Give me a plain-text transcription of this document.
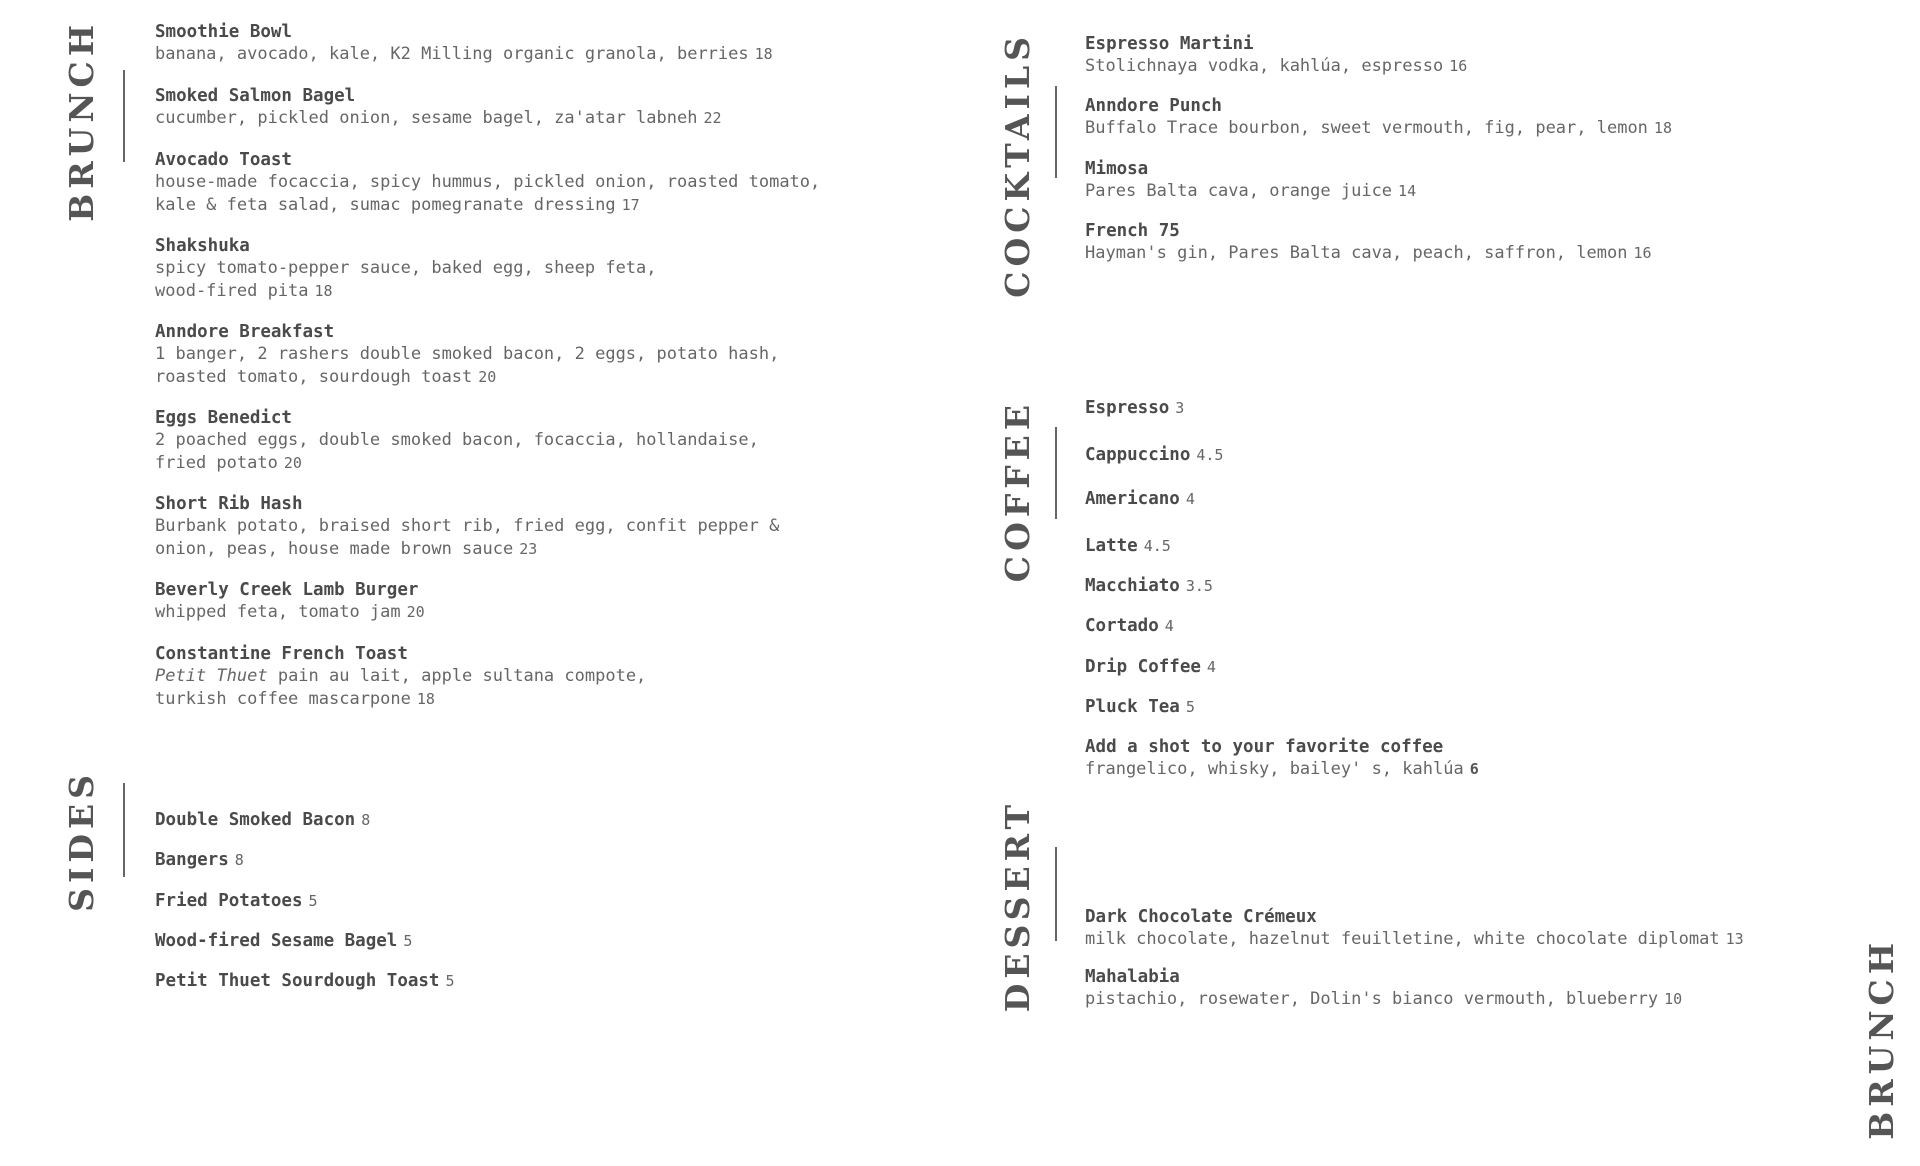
BRUNCH
SIDES
COCKTAILS
COFFEE
DESSERT
BRUNCH
Smoothie Bowl
banana, avocado, kale, K2 Milling organic granola, berries 18
Smoked Salmon Bagel
cucumber, pickled onion, sesame bagel, za'atar labneh 22
Avocado Toast
house-made focaccia, spicy hummus, pickled onion, roasted tomato,
kale & feta salad, sumac pomegranate dressing 17
Shakshuka
spicy tomato-pepper sauce, baked egg, sheep feta,
wood-fired pita 18
Anndore Breakfast
1 banger, 2 rashers double smoked bacon, 2 eggs, potato hash,
roasted tomato, sourdough toast 20
Eggs Benedict
2 poached eggs, double smoked bacon, focaccia, hollandaise,
fried potato 20
Short Rib Hash
Burbank potato, braised short rib, fried egg, confit pepper &
onion, peas, house made brown sauce 23
Beverly Creek Lamb Burger
whipped feta, tomato jam 20
Constantine French Toast
Petit Thuet pain au lait, apple sultana compote,
turkish coffee mascarpone 18
Double Smoked Bacon 8
Bangers 8
Fried Potatoes 5
Wood-fired Sesame Bagel 5
Petit Thuet Sourdough Toast 5
Espresso Martini
Stolichnaya vodka, kahlúa, espresso 16
Anndore Punch
Buffalo Trace bourbon, sweet vermouth, fig, pear, lemon 18
Mimosa
Pares Balta cava, orange juice 14
French 75
Hayman's gin, Pares Balta cava, peach, saffron, lemon 16
Espresso 3
Cappuccino 4.5
Americano 4
Latte 4.5
Macchiato 3.5
Cortado 4
Drip Coffee 4
Pluck Tea 5
Add a shot to your favorite coffee
frangelico, whisky, bailey' s, kahlúa 6
Dark Chocolate Crémeux
milk chocolate, hazelnut feuilletine, white chocolate diplomat 13
Mahalabia
pistachio, rosewater, Dolin's bianco vermouth, blueberry 10
